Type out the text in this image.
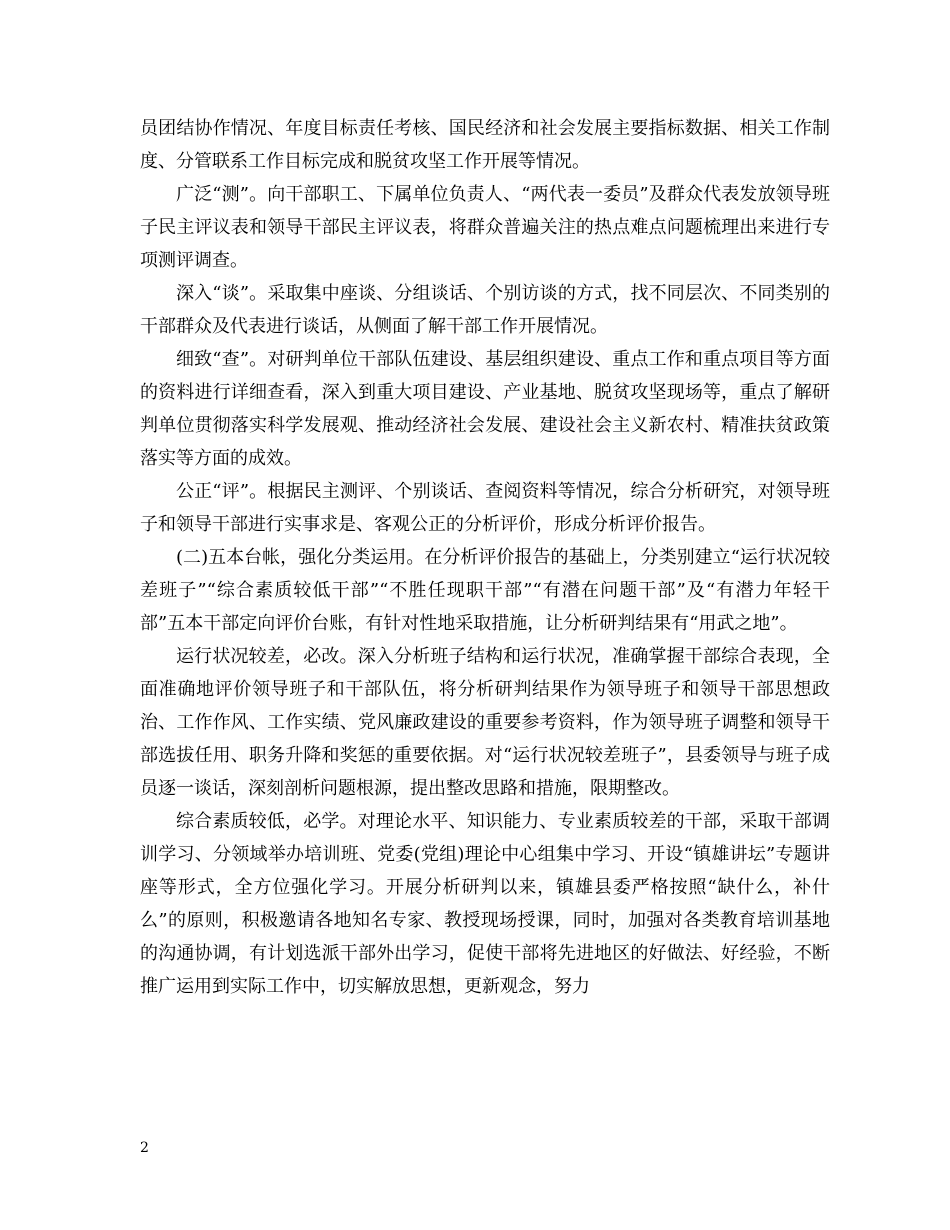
员团结协作情况、年度目标责任考核、国民经济和社会发展主要指标数据、相关工作制度、分管联系工作目标完成和脱贫攻坚工作开展等情况。

广泛“测”。向干部职工、下属单位负责人、“两代表一委员”及群众代表发放领导班子民主评议表和领导干部民主评议表，将群众普遍关注的热点难点问题梳理出来进行专项测评调查。

深入“谈”。采取集中座谈、分组谈话、个别访谈的方式，找不同层次、不同类别的干部群众及代表进行谈话，从侧面了解干部工作开展情况。

细致“查”。对研判单位干部队伍建设、基层组织建设、重点工作和重点项目等方面的资料进行详细查看，深入到重大项目建设、产业基地、脱贫攻坚现场等，重点了解研判单位贯彻落实科学发展观、推动经济社会发展、建设社会主义新农村、精准扶贫政策落实等方面的成效。

公正“评”。根据民主测评、个别谈话、查阅资料等情况，综合分析研究，对领导班子和领导干部进行实事求是、客观公正的分析评价，形成分析评价报告。

(二)五本台帐，强化分类运用。在分析评价报告的基础上，分类别建立“运行状况较差班子”“综合素质较低干部”“不胜任现职干部”“有潜在问题干部”及“有潜力年轻干部”五本干部定向评价台账，有针对性地采取措施，让分析研判结果有“用武之地”。

运行状况较差，必改。深入分析班子结构和运行状况，准确掌握干部综合表现，全面准确地评价领导班子和干部队伍，将分析研判结果作为领导班子和领导干部思想政治、工作作风、工作实绩、党风廉政建设的重要参考资料，作为领导班子调整和领导干部选拔任用、职务升降和奖惩的重要依据。对“运行状况较差班子”，县委领导与班子成员逐一谈话，深刻剖析问题根源，提出整改思路和措施，限期整改。

综合素质较低，必学。对理论水平、知识能力、专业素质较差的干部，采取干部调训学习、分领域举办培训班、党委(党组)理论中心组集中学习、开设“镇雄讲坛”专题讲座等形式，全方位强化学习。开展分析研判以来，镇雄县委严格按照“缺什么，补什么”的原则，积极邀请各地知名专家、教授现场授课，同时，加强对各类教育培训基地的沟通协调，有计划选派干部外出学习，促使干部将先进地区的好做法、好经验，不断推广运用到实际工作中，切实解放思想，更新观念，努力

2
